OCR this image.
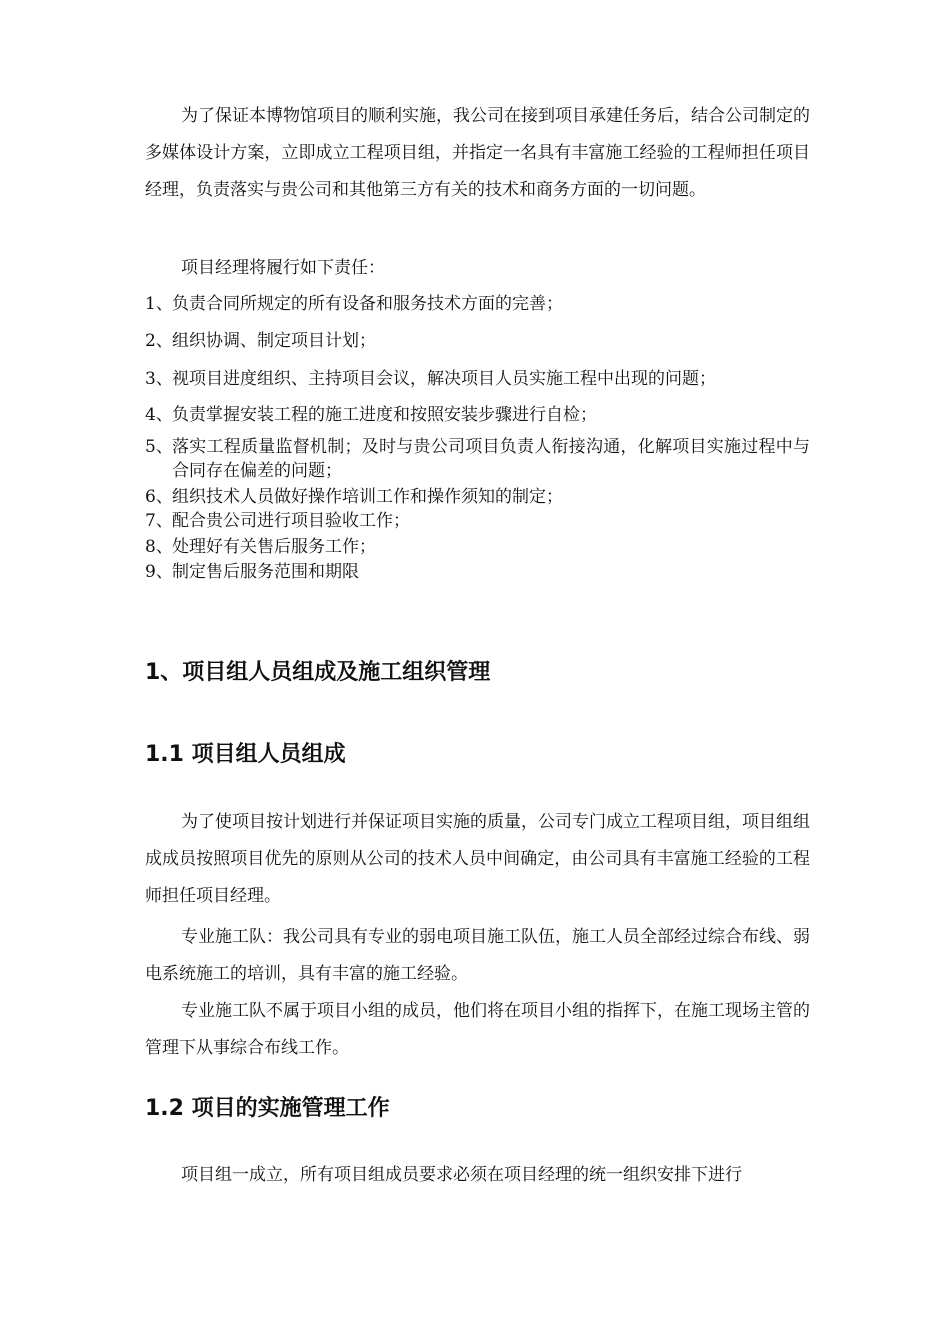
为了保证本博物馆项目的顺利实施，我公司在接到项目承建任务后，结合公司制定的多媒体设计方案，立即成立工程项目组，并指定一名具有丰富施工经验的工程师担任项目经理，负责落实与贵公司和其他第三方有关的技术和商务方面的一切问题。

项目经理将履行如下责任：

1、 负责合同所规定的所有设备和服务技术方面的完善；
2、 组织协调、制定项目计划；
3、 视项目进度组织、主持项目会议，解决项目人员实施工程中出现的问题；
4、 负责掌握安装工程的施工进度和按照安装步骤进行自检；
5、 落实工程质量监督机制；及时与贵公司项目负责人衔接沟通，化解项目实施过程中与合同存在偏差的问题；
6、 组织技术人员做好操作培训工作和操作须知的制定；
7、 配合贵公司进行项目验收工作；
8、 处理好有关售后服务工作；
9、 制定售后服务范围和期限
1、项目组人员组成及施工组织管理
1.1 项目组人员组成

为了使项目按计划进行并保证项目实施的质量，公司专门成立工程项目组，项目组组成成员按照项目优先的原则从公司的技术人员中间确定，由公司具有丰富施工经验的工程师担任项目经理。

专业施工队：我公司具有专业的弱电项目施工队伍，施工人员全部经过综合布线、弱电系统施工的培训，具有丰富的施工经验。

专业施工队不属于项目小组的成员，他们将在项目小组的指挥下，在施工现场主管的管理下从事综合布线工作。

1.2 项目的实施管理工作

项目组一成立，所有项目组成员要求必须在项目经理的统一组织安排下进行
